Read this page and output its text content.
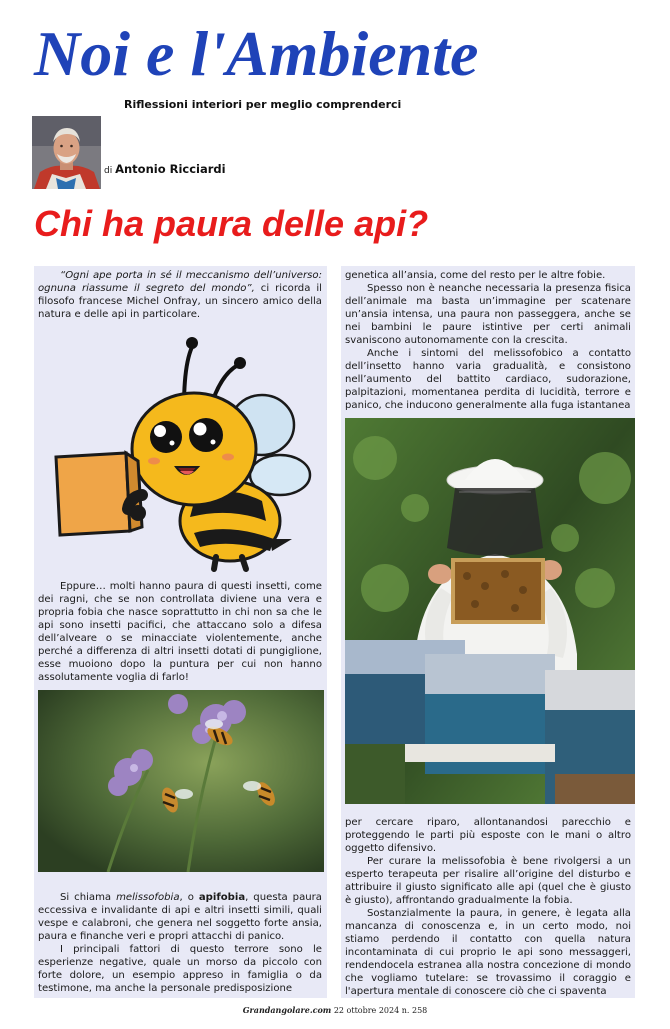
Noi e l'Ambiente
Riflessioni interiori per meglio comprenderci
di Antonio Ricciardi
Chi ha paura delle api?

“Ogni ape porta in sé il meccanismo dell’universo: ognuna riassume il segreto del mondo”, ci ricorda il filosofo francese Michel Onfray, un sincero amico della natura e delle api in particolare.

Eppure… molti hanno paura di questi insetti, come dei ragni, che se non controllata diviene una vera e propria fobia che nasce soprattutto in chi non sa che le api sono insetti pacifici, che attaccano solo a difesa dell’alveare o se minacciate violentemente, anche perché a differenza di altri insetti dotati di pungiglione, esse muoiono dopo la puntura per cui non hanno assolutamente voglia di farlo!

Si chiama melissofobia, o apifobia, questa paura eccessiva e invalidante di api e altri insetti simili, quali vespe e calabroni, che genera nel soggetto forte ansia, paura e finanche veri e propri attacchi di panico.

I principali fattori di questo terrore sono le esperienze negative, quale un morso da piccolo con forte dolore, un esempio appreso in famiglia o da testimone, ma anche la personale predisposizione

genetica all’ansia, come del resto per le altre fobie.

Spesso non è neanche necessaria la presenza fisica dell’animale ma basta un’immagine per scatenare un’ansia intensa, una paura non passeggera, anche se nei bambini le paure istintive per certi animali svaniscono autonomamente con la crescita.

Anche i sintomi del melissofobico a contatto dell’insetto hanno varia gradualità, e consistono nell’aumento del battito cardiaco, sudorazione, palpitazioni, momentanea perdita di lucidità, terrore e panico, che inducono generalmente alla fuga istantanea

per cercare riparo, allontanandosi parecchio e proteggendo le parti più esposte con le mani o altro oggetto difensivo.

Per curare la melissofobia è bene rivolgersi a un esperto terapeuta per risalire all’origine del disturbo e attribuire il giusto significato alle api (quel che è giusto è giusto), affrontando gradualmente la fobia.

Sostanzialmente la paura, in genere, è legata alla mancanza di conoscenza e, in un certo modo, noi stiamo perdendo il contatto con quella natura incontaminata di cui proprio le api sono messaggeri, rendendocela estranea alla nostra concezione di mondo che vogliamo tutelare: se trovassimo il coraggio e l'apertura mentale di conoscere ciò che ci spaventa

Grandangolare.com 22 ottobre 2024 n. 258
